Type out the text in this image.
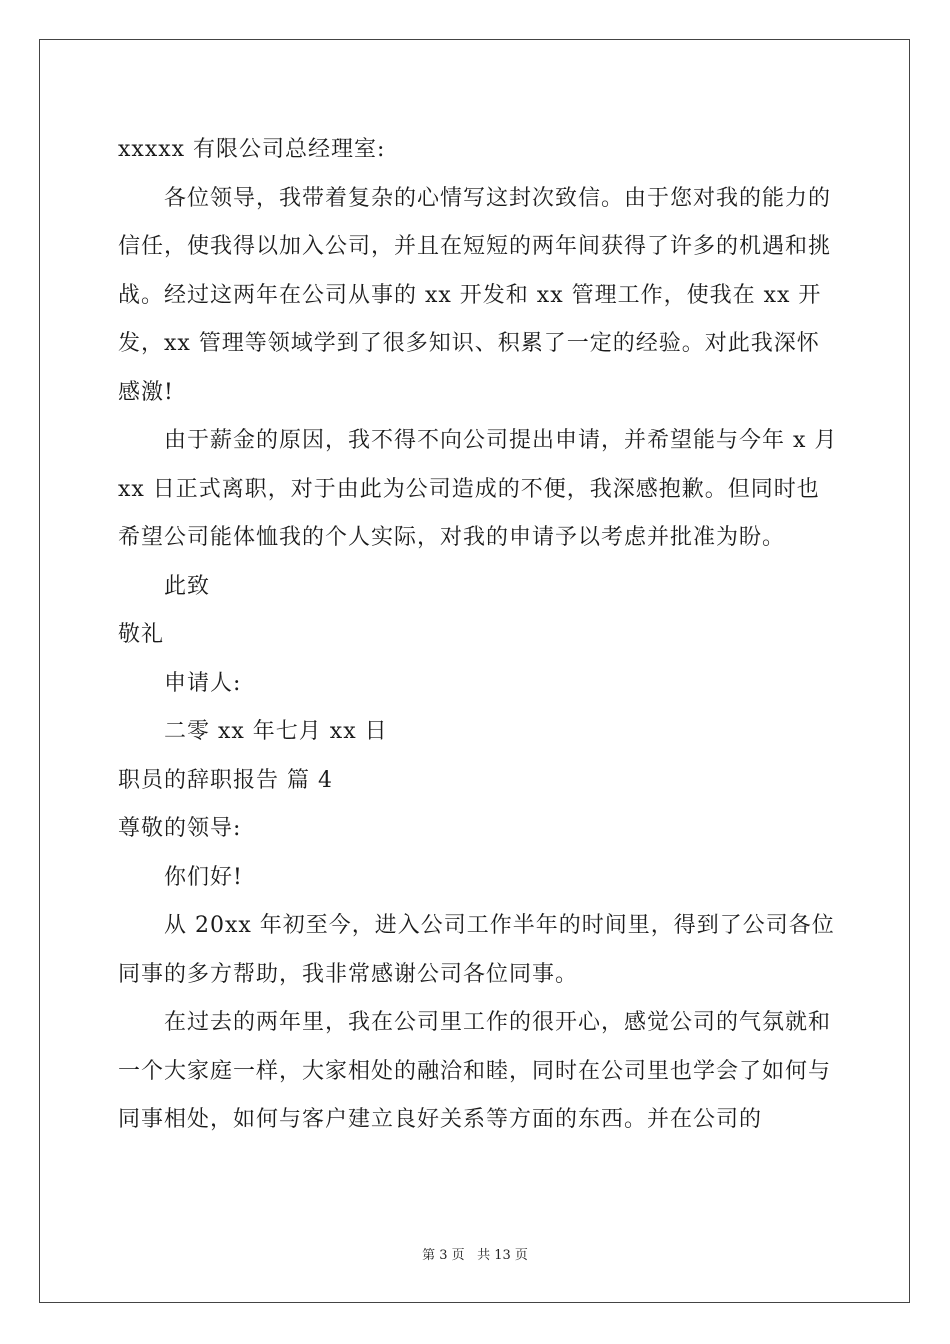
xxxxx 有限公司总经理室:

各位领导，我带着复杂的心情写这封次致信。由于您对我的能力的信任，使我得以加入公司，并且在短短的两年间获得了许多的机遇和挑战。经过这两年在公司从事的 xx 开发和 xx 管理工作，使我在 xx 开发，xx 管理等领域学到了很多知识、积累了一定的经验。对此我深怀感激!

由于薪金的原因，我不得不向公司提出申请，并希望能与今年 x 月 xx 日正式离职，对于由此为公司造成的不便，我深感抱歉。但同时也希望公司能体恤我的个人实际，对我的申请予以考虑并批准为盼。

此致

敬礼

申请人:

二零 xx 年七月 xx 日

职员的辞职报告 篇 4

尊敬的领导:

你们好!

从 20xx 年初至今，进入公司工作半年的时间里，得到了公司各位同事的多方帮助，我非常感谢公司各位同事。

在过去的两年里，我在公司里工作的很开心，感觉公司的气氛就和一个大家庭一样，大家相处的融洽和睦，同时在公司里也学会了如何与同事相处，如何与客户建立良好关系等方面的东西。并在公司的

第 3 页 共 13 页
